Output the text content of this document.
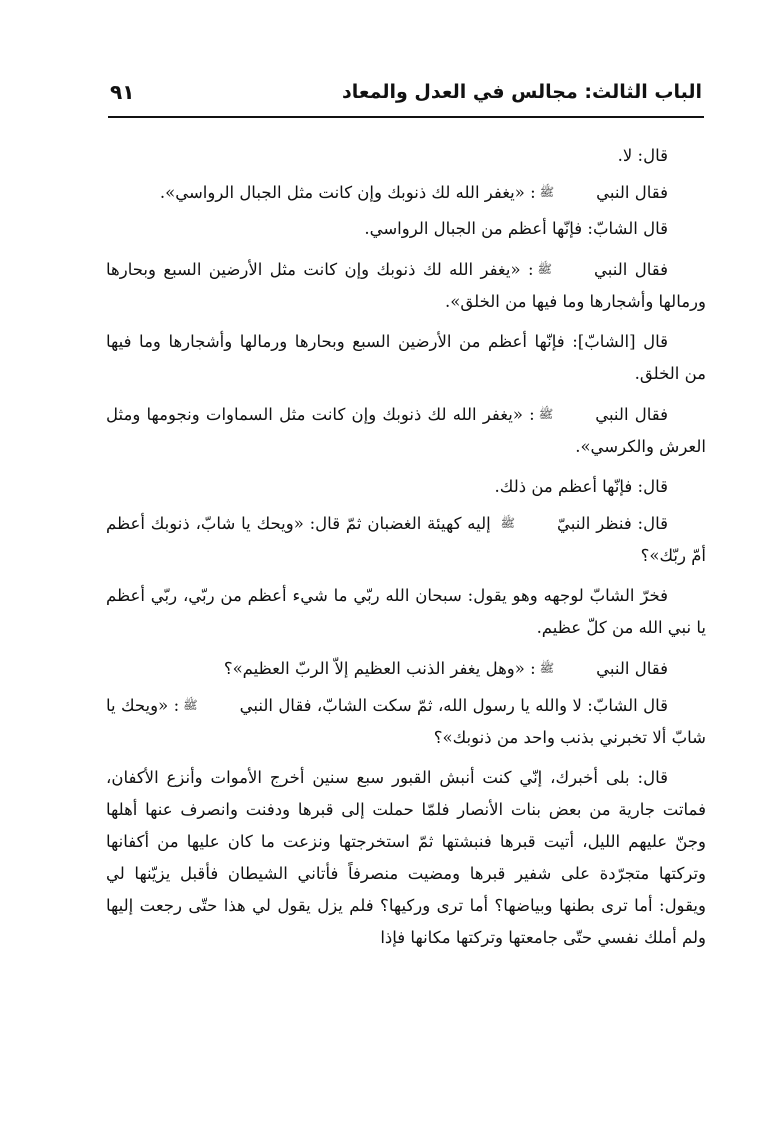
الباب الثالث: مجالس في العدل والمعاد
٩١

قال: لا.

فقال النبيﷺ: «يغفر الله لك ذنوبك وإن كانت مثل الجبال الرواسي».

قال الشابّ: فإنّها أعظم من الجبال الرواسي.

فقال النبيﷺ: «يغفر الله لك ذنوبك وإن كانت مثل الأرضين السبع وبحارها ورمالها وأشجارها وما فيها من الخلق».

قال [الشابّ]: فإنّها أعظم من الأرضين السبع وبحارها ورمالها وأشجارها وما فيها من الخلق.

فقال النبيﷺ: «يغفر الله لك ذنوبك وإن كانت مثل السماوات ونجومها ومثل العرش والكرسي».

قال: فإنّها أعظم من ذلك.

قال: فنظر النبيّﷺ إليه كهيئة الغضبان ثمّ قال: «ويحك يا شابّ، ذنوبك أعظم أمّ ربّك»؟

فخرّ الشابّ لوجهه وهو يقول: سبحان الله ربّي ما شيء أعظم من ربّي، ربّي أعظم يا نبي الله من كلّ عظيم.

فقال النبيﷺ: «وهل يغفر الذنب العظيم إلاّ الربّ العظيم»؟

قال الشابّ: لا والله يا رسول الله، ثمّ سكت الشابّ، فقال النبيﷺ: «ويحك يا شابّ ألا تخبرني بذنب واحد من ذنوبك»؟

قال: بلى أخبرك، إنّي كنت أنبش القبور سبع سنين أخرج الأموات وأنزع الأكفان، فماتت جارية من بعض بنات الأنصار فلمّا حملت إلى قبرها ودفنت وانصرف عنها أهلها وجنّ عليهم الليل، أتيت قبرها فنبشتها ثمّ استخرجتها ونزعت ما كان عليها من أكفانها وتركتها متجرّدة على شفير قبرها ومضيت منصرفاً فأتاني الشيطان فأقبل يزيّنها لي ويقول: أما ترى بطنها وبياضها؟ أما ترى وركيها؟ فلم يزل يقول لي هذا حتّى رجعت إليها ولم أملك نفسي حتّى جامعتها وتركتها مكانها فإذا
